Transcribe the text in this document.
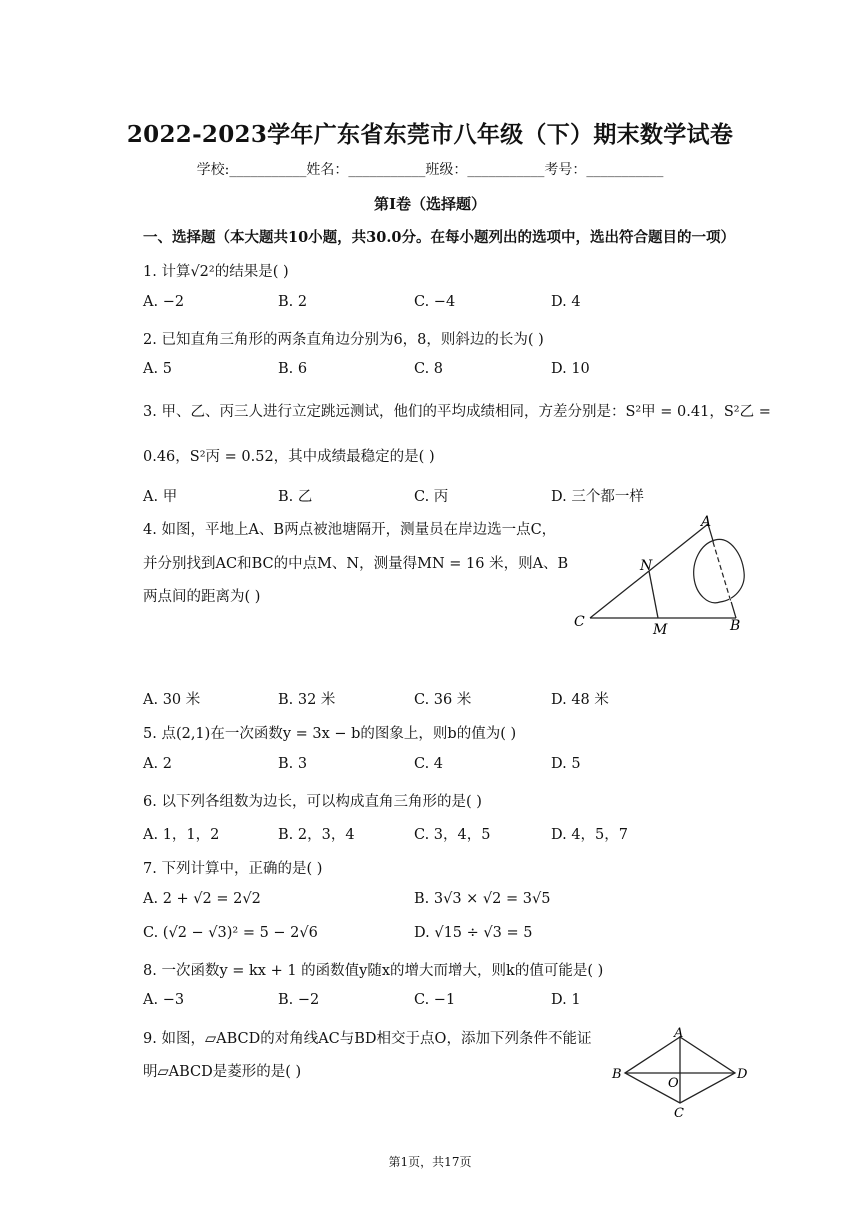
2022-2023学年广东省东莞市八年级（下）期末数学试卷
学校:___________姓名：___________班级：___________考号：___________
第I卷（选择题）
一、选择题（本大题共10小题，共30.0分。在每小题列出的选项中，选出符合题目的一项）
1. 计算√2²的结果是( )
A. −2	B. 2	C. −4	D. 4
2. 已知直角三角形的两条直角边分别为6，8，则斜边的长为( )
A. 5	B. 6	C. 8	D. 10
3. 甲、乙、丙三人进行立定跳远测试，他们的平均成绩相同，方差分别是：S²甲 = 0.41，S²乙 =
0.46，S²丙 = 0.52，其中成绩最稳定的是( )
A. 甲	B. 乙	C. 丙	D. 三个都一样
4. 如图，平地上A、B两点被池塘隔开，测量员在岸边选一点C，
并分别找到AC和BC的中点M、N，测量得MN = 16 米，则A、B
两点间的距离为( )
A
N
C	M	B
A. 30 米	B. 32 米	C. 36 米	D. 48 米
5. 点(2,1)在一次函数y = 3x − b的图象上，则b的值为( )
A. 2	B. 3	C. 4	D. 5
6. 以下列各组数为边长，可以构成直角三角形的是( )
A. 1，1，2	B. 2，3，4	C. 3，4，5	D. 4，5，7
7. 下列计算中，正确的是( )
A. 2 + √2 = 2√2	B. 3√3 × √2 = 3√5
C. (√2 − √3)² = 5 − 2√6	D. √15 ÷ √3 = 5
8. 一次函数y = kx + 1 的函数值y随x的增大而增大，则k的值可能是( )
A. −3	B. −2	C. −1	D. 1
9. 如图，▱ABCD的对角线AC与BD相交于点O，添加下列条件不能证
明▱ABCD是菱形的是( )
A
B
O
D
C
第1页，共17页
